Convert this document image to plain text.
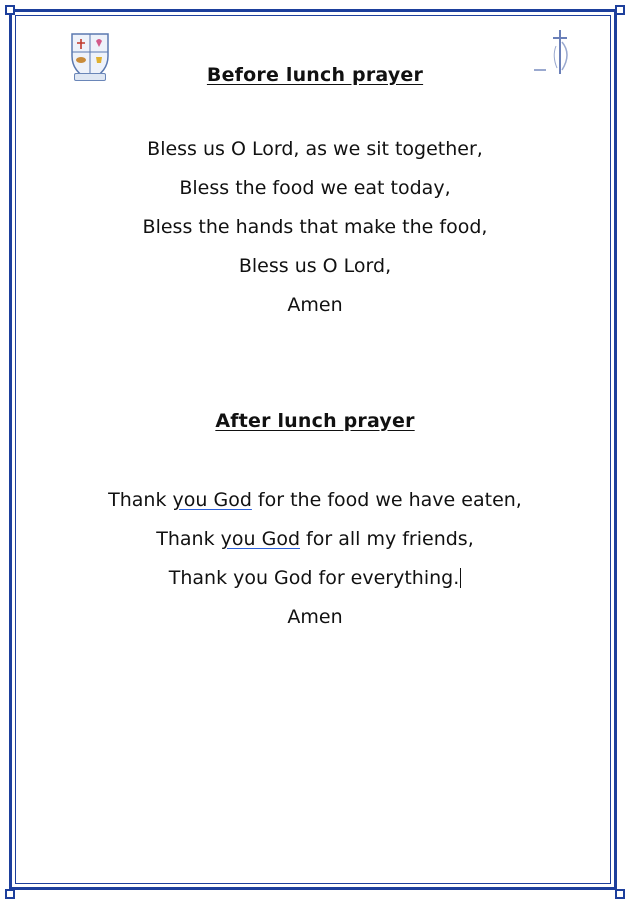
Before lunch prayer
Bless us O Lord, as we sit together,
Bless the food we eat today,
Bless the hands that make the food,
Bless us O Lord,
Amen
After lunch prayer
Thank you God for the food we have eaten,
Thank you God for all my friends,
Thank you God for everything.
Amen
